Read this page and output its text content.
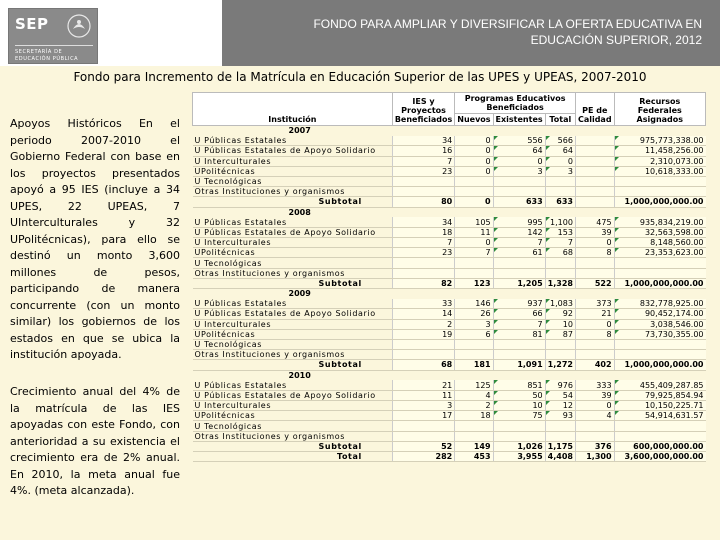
SEP
SECRETARÍA DE
EDUCACIÓN PÚBLICA
FONDO PARA AMPLIAR Y DIVERSIFICAR LA OFERTA EDUCATIVA EN
EDUCACIÓN SUPERIOR, 2012
Fondo para Incremento de la Matrícula en Educación Superior de las UPES y UPEAS, 2007-2010

Apoyos Históricos En el periodo 2007-2010 el Gobierno Federal con base en los proyectos presentados apoyó a 95 IES (incluye a 34 UPES, 22 UPEAS, 7 UInterculturales y 32 UPolitécnicas), para ello se destinó un monto 3,600 millones de pesos, participando de manera concurrente (con un monto similar) los gobiernos de los estados en que se ubica la institución apoyada.

Crecimiento anual del 4% de la matrícula de las IES apoyadas con este Fondo, con anterioridad a su existencia el crecimiento era de 2% anual. En 2010, la meta anual fue 4%. (meta alcanzada).

Institución	IES y Proyectos Beneficiados	Programas Educativos Beneficiados			PE de Calidad	Recursos Federales Asignados
		Nuevos	Existentes	Total		
2007						
U Públicas Estatales	34	0	556	566		975,773,338.00
U Públicas Estatales de Apoyo Solidario	16	0	64	64		11,458,256.00
U Interculturales	7	0	0	0		2,310,073.00
UPolitécnicas	23	0	3	3		10,618,333.00
U Tecnológicas						
Otras Instituciones y organismos						
Subtotal	80	0	633	633		1,000,000,000.00
2008						
U Públicas Estatales	34	105	995	1,100	475	935,834,219.00
U Públicas Estatales de Apoyo Solidario	18	11	142	153	39	32,563,598.00
U Interculturales	7	0	7	7	0	8,148,560.00
UPolitécnicas	23	7	61	68	8	23,353,623.00
U Tecnológicas						
Otras Instituciones y organismos						
Subtotal	82	123	1,205	1,328	522	1,000,000,000.00
2009						
U Públicas Estatales	33	146	937	1,083	373	832,778,925.00
U Públicas Estatales de Apoyo Solidario	14	26	66	92	21	90,452,174.00
U Interculturales	2	3	7	10	0	3,038,546.00
UPolitécnicas	19	6	81	87	8	73,730,355.00
U Tecnológicas						
Otras Instituciones y organismos						
Subtotal	68	181	1,091	1,272	402	1,000,000,000.00
2010						
U Públicas Estatales	21	125	851	976	333	455,409,287.85
U Públicas Estatales de Apoyo Solidario	11	4	50	54	39	79,925,854.94
U Interculturales	3	2	10	12	0	10,150,225.71
UPolitécnicas	17	18	75	93	4	54,914,631.57
U Tecnológicas						
Otras Instituciones y organismos						
Subtotal	52	149	1,026	1,175	376	600,000,000.00
Total	282	453	3,955	4,408	1,300	3,600,000,000.00
